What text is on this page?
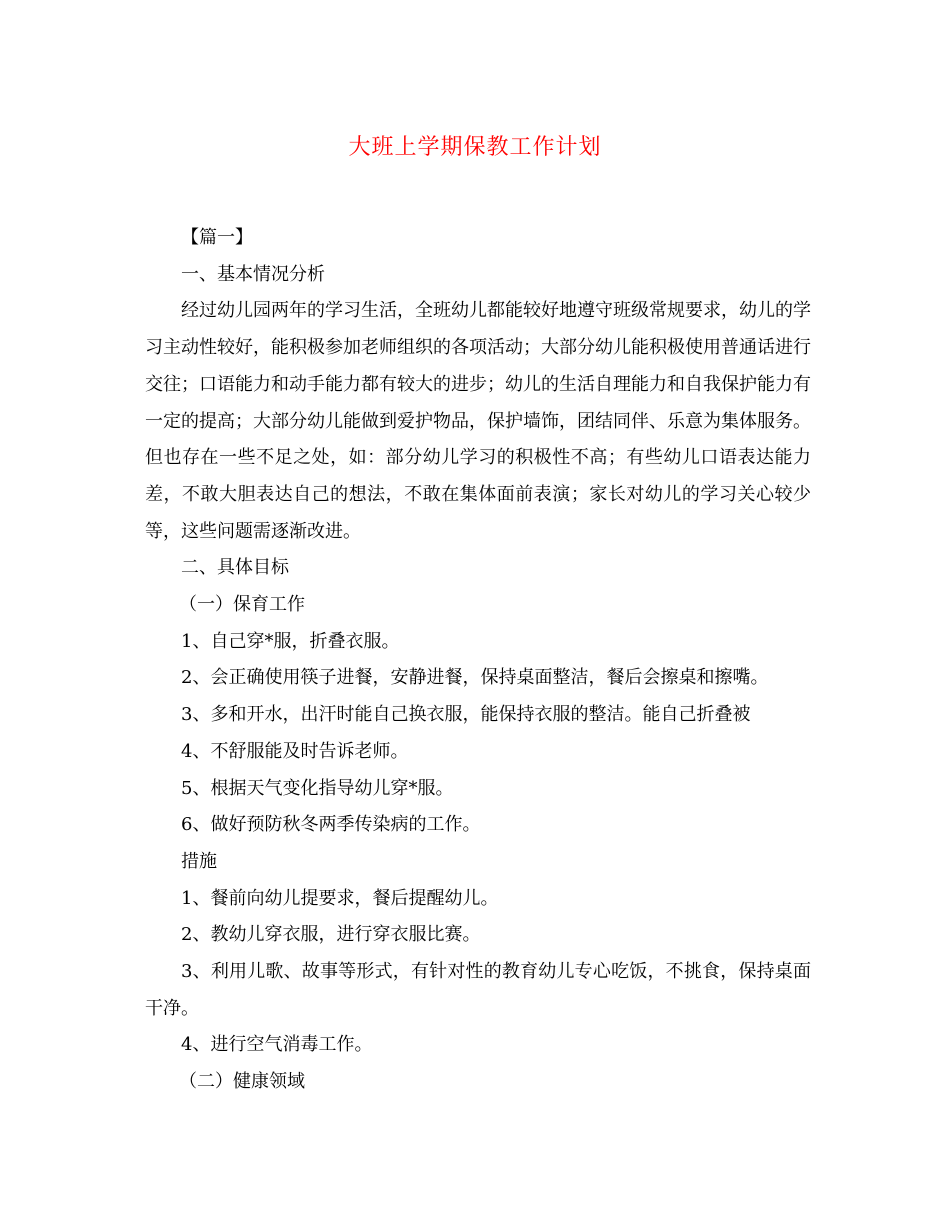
大班上学期保教工作计划

【篇一】

一、基本情况分析

经过幼儿园两年的学习生活，全班幼儿都能较好地遵守班级常规要求，幼儿的学习主动性较好，能积极参加老师组织的各项活动；大部分幼儿能积极使用普通话进行交往；口语能力和动手能力都有较大的进步；幼儿的生活自理能力和自我保护能力有一定的提高；大部分幼儿能做到爱护物品，保护墙饰，团结同伴、乐意为集体服务。但也存在一些不足之处，如：部分幼儿学习的积极性不高；有些幼儿口语表达能力差，不敢大胆表达自己的想法，不敢在集体面前表演；家长对幼儿的学习关心较少等，这些问题需逐渐改进。

二、具体目标

（一）保育工作

1、自己穿*服，折叠衣服。

2、会正确使用筷子进餐，安静进餐，保持桌面整洁，餐后会擦桌和擦嘴。

3、多和开水，出汗时能自己换衣服，能保持衣服的整洁。能自己折叠被

4、不舒服能及时告诉老师。

5、根据天气变化指导幼儿穿*服。

6、做好预防秋冬两季传染病的工作。

措施

1、餐前向幼儿提要求，餐后提醒幼儿。

2、教幼儿穿衣服，进行穿衣服比赛。

3、利用儿歌、故事等形式，有针对性的教育幼儿专心吃饭，不挑食，保持桌面干净。

4、进行空气消毒工作。

（二）健康领域
